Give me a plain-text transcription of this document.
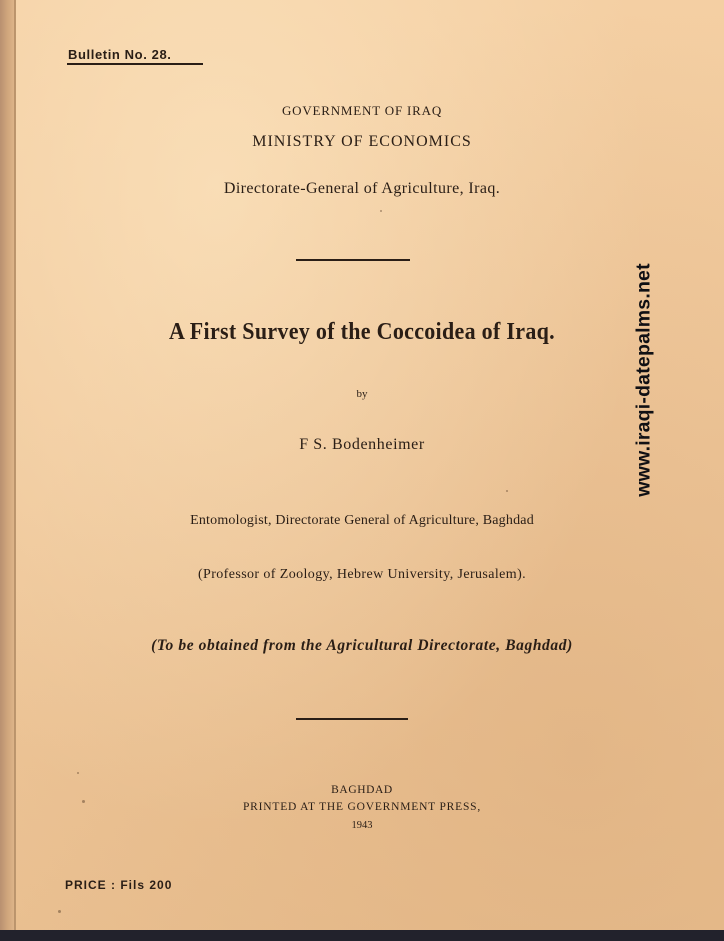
Bulletin No. 28.
GOVERNMENT OF IRAQ
MINISTRY OF ECONOMICS
Directorate-General of Agriculture, Iraq.
A First Survey of the Coccoidea of Iraq.
by
F S. Bodenheimer
Entomologist, Directorate General of Agriculture, Baghdad
(Professor of Zoology, Hebrew University, Jerusalem).
(To be obtained from the Agricultural Directorate, Baghdad)
BAGHDAD
PRINTED AT THE GOVERNMENT PRESS,
1943
PRICE : Fils 200
www.iraqi-datepalms.net
